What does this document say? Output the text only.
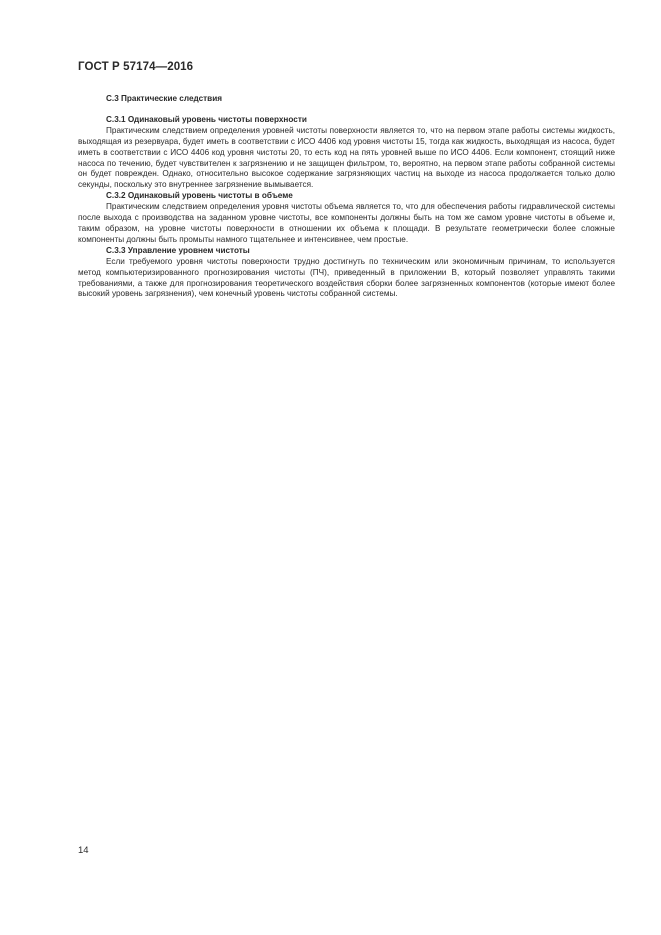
ГОСТ Р 57174—2016
С.3 Практические следствия
С.3.1 Одинаковый уровень чистоты поверхности

Практическим следствием определения уровней чистоты поверхности является то, что на первом этапе работы системы жидкость, выходящая из резервуара, будет иметь в соответствии с ИСО 4406 код уровня чистоты 15, тогда как жидкость, выходящая из насоса, будет иметь в соответствии с ИСО 4406 код уровня чистоты 20, то есть код на пять уровней выше по ИСО 4406. Если компонент, стоящий ниже насоса по течению, будет чувствителен к загрязнению и не защищен фильтром, то, вероятно, на первом этапе работы собранной системы он будет поврежден. Однако, относительно высокое содержание загрязняющих частиц на выходе из насоса продолжается только долю секунды, поскольку это внутреннее загрязнение вымывается.

С.3.2 Одинаковый уровень чистоты в объеме

Практическим следствием определения уровня чистоты объема является то, что для обеспечения работы гидравлической системы после выхода с производства на заданном уровне чистоты, все компоненты должны быть на том же самом уровне чистоты в объеме и, таким образом, на уровне чистоты поверхности в отношении их объема к площади. В результате геометрически более сложные компоненты должны быть промыты намного тщательнее и интенсивнее, чем простые.

С.3.3 Управление уровнем чистоты

Если требуемого уровня чистоты поверхности трудно достигнуть по техническим или экономичным причинам, то используется метод компьютеризированного прогнозирования чистоты (ПЧ), приведенный в приложении В, который позволяет управлять такими требованиями, а также для прогнозирования теоретического воздействия сборки более загрязненных компонентов (которые имеют более высокий уровень загрязнения), чем конечный уровень чистоты собранной системы.

14
